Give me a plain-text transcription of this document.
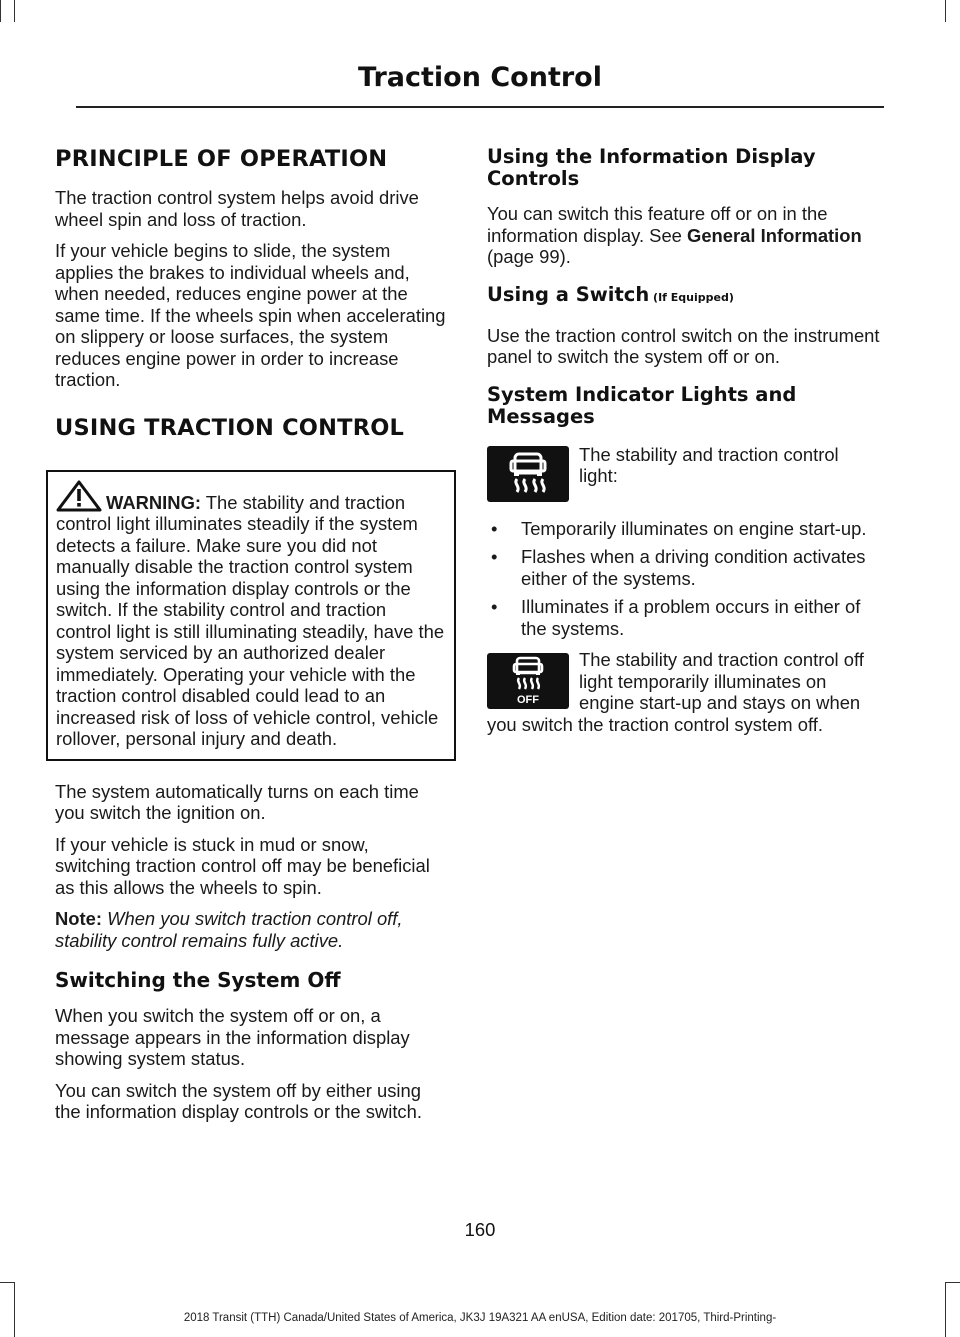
Traction Control
PRINCIPLE OF OPERATION

The traction control system helps avoid drive wheel spin and loss of traction.

If your vehicle begins to slide, the system applies the brakes to individual wheels and, when needed, reduces engine power at the same time. If the wheels spin when accelerating on slippery or loose surfaces, the system reduces engine power in order to increase traction.

USING TRACTION CONTROL

WARNING: The stability and traction

control light illuminates steadily if the system detects a failure. Make sure you did not manually disable the traction control system using the information display controls or the switch. If the stability control and traction control light is still illuminating steadily, have the system serviced by an authorized dealer immediately. Operating your vehicle with the traction control disabled could lead to an increased risk of loss of vehicle control, vehicle rollover, personal injury and death.

The system automatically turns on each time you switch the ignition on.

If your vehicle is stuck in mud or snow, switching traction control off may be beneficial as this allows the wheels to spin.

Note: When you switch traction control off, stability control remains fully active.

Switching the System Off

When you switch the system off or on, a message appears in the information display showing system status.

You can switch the system off by either using the information display controls or the switch.

Using the Information Display Controls

You can switch this feature off or on in the information display. See General Information (page 99).

Using a Switch (If Equipped)

Use the traction control switch on the instrument panel to switch the system off or on.

System Indicator Lights and Messages

The stability and traction control light:

• Temporarily illuminates on engine start-up.
• Flashes when a driving condition activates either of the systems.
• Illuminates if a problem occurs in either of the systems.
OFF

The stability and traction control off light temporarily illuminates on engine start-up and stays on when you switch the traction control system off.

160
2018 Transit (TTH) Canada/United States of America, JK3J 19A321 AA enUSA, Edition date: 201705, Third-Printing-
